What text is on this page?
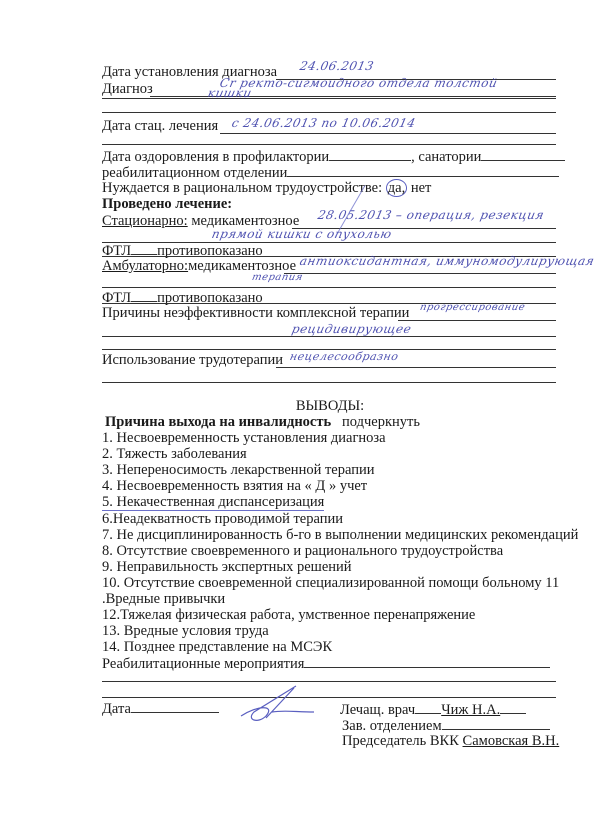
Дата установления диагноза 24.06.2013
Диагноз	Cr ректо-сигмоидного отдела толстой
кишки
Дата стац. лечения с 24.06.2013 по 10.06.2014
Дата оздоровления в профилактории	, санатории
реабилитационном отделении
Нуждается в рациональном трудоустройстве: да, нет
Проведено лечение:
Стационарно: медикаментозное 28.05.2013 – операция, резекция
прямой кишки с опухолью
ФТЛ противопоказано
Амбулаторно:медикаментозное антиоксидантная, иммуномодулирующая
терапия
ФТЛ противопоказано
Причины неэффективности комплексной терапии прогрессирование
рецидивирующее
Использование трудотерапии нецелесообразно
ВЫВОДЫ:
Причина выхода на инвалидность подчеркнуть
1. Несвоевременность установления диагноза
2. Тяжесть заболевания
3. Непереносимость лекарственной терапии
4. Несвоевременность взятия на « Д » учет
5. Некачественная диспансеризация
6.Неадекватность проводимой терапии
7. Не дисциплинированность б-го в выполнении медицинских рекомендаций
8. Отсутствие своевременного и рационального трудоустройства
9. Неправильность экспертных решений
10. Отсутствие своевременной специализированной помощи больному 11
.Вредные привычки
12.Тяжелая физическая работа, умственное перенапряжение
13. Вредные условия труда
14. Позднее представление на МСЭК
Реабилитационные мероприятия
Дата	Лечащ. врач Чиж Н.А.
Зав. отделением
Председатель ВКК Самовская В.Н.
